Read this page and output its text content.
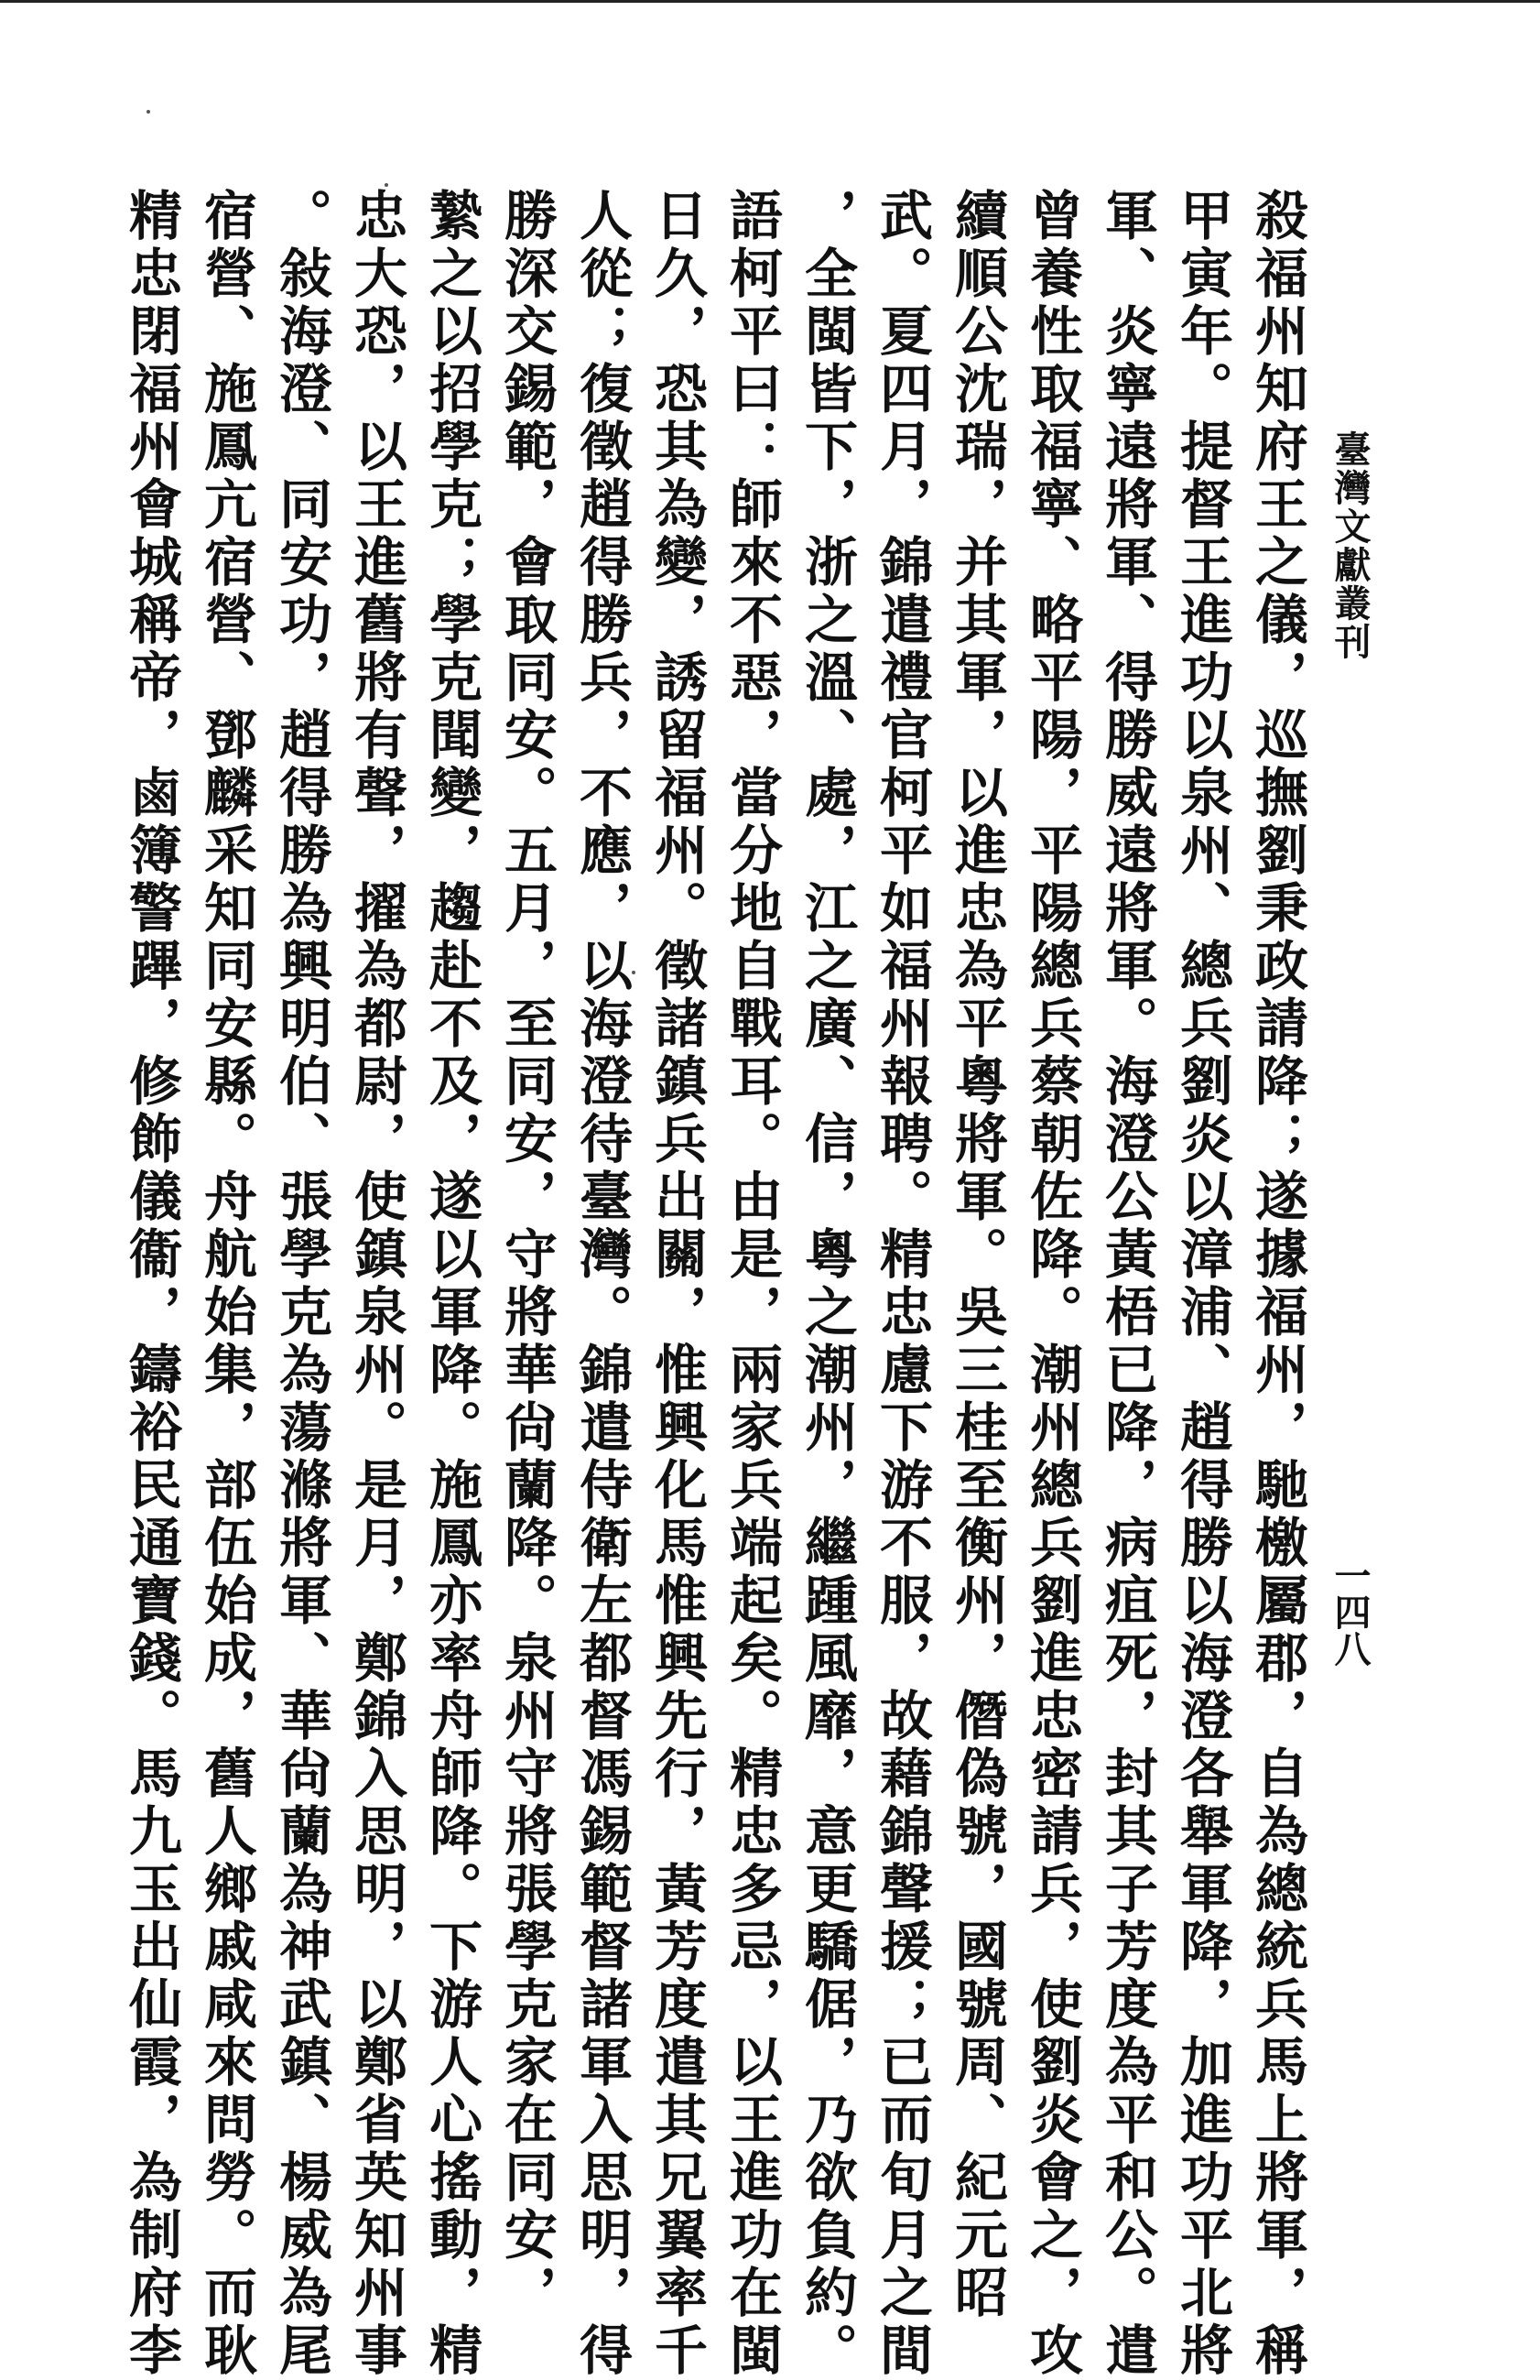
臺灣文獻叢刊
一四八
殺福州知府王之儀，巡撫劉秉政請降；遂據福州，馳檄屬郡，自為總統兵馬上將軍，稱
甲寅年。提督王進功以泉州、總兵劉炎以漳浦、趙得勝以海澄各舉軍降，加進功平北將
軍、炎寧遠將軍、得勝威遠將軍。海澄公黃梧已降，病疽死，封其子芳度為平和公。遣
曾養性取福寧、略平陽，平陽總兵蔡朝佐降。潮州總兵劉進忠密請兵，使劉炎會之，攻
續順公沈瑞，并其軍，以進忠為平粵將軍。吳三桂至衡州，僭偽號，國號周、紀元昭
武。夏四月，錦遣禮官柯平如福州報聘。精忠慮下游不服，故藉錦聲援；已而旬月之間
，全閩皆下，浙之溫、處，江之廣、信，粵之潮州，繼踵風靡，意更驕倨，乃欲負約。
語柯平曰：師來不惡，當分地自戰耳。由是，兩家兵端起矣。精忠多忌，以王進功在閩
日久，恐其為變，誘留福州。徵諸鎮兵出關，惟興化馬惟興先行，黃芳度遣其兄翼率千
人從；復徵趙得勝兵，不應，以海澄待臺灣。錦遣侍衛左都督馮錫範督諸軍入思明，得
勝深交錫範，會取同安。五月，至同安，守將華尙蘭降。泉州守將張學克家在同安，
縶之以招學克；學克聞變，趨赴不及，遂以軍降。施鳳亦率舟師降。下游人心搖動，精
忠大恐，以王進舊將有聲，擢為都尉，使鎮泉州。是月，鄭錦入思明，以鄭省英知州事
。敍海澄、同安功，趙得勝為興明伯、張學克為蕩滌將軍、華尙蘭為神武鎮、楊威為尾
宿營、施鳳亢宿營、鄧麟采知同安縣。舟航始集，部伍始成，舊人鄉戚咸來問勞。而耿
精忠閉福州會城稱帝，鹵簿警蹕，修飾儀衞，鑄裕民通寶錢。馬九玉出仙霞，為制府李
